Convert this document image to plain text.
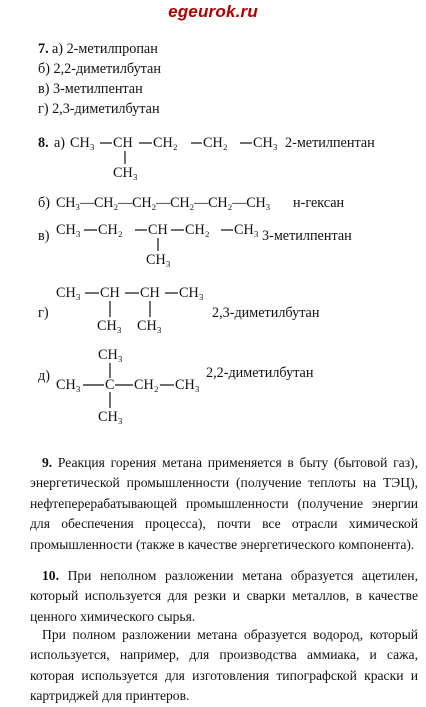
egeurok.ru
7. а) 2-метилпропан
б) 2,2-диметилбутан
в) 3-метилпентан
г) 2,3-диметилбутан
8. а) CH₃ CH CH₂ CH₂ CH₃
CH₃
2-метилпентан
б) CH₃—CH₂—CH₂—CH₂—CH₂—CH₃ н-гексан
в) CH₃ CH₂ CH CH₂ CH₃
CH₃
3-метилпентан
г)
CH₃ CH CH CH₃
CH₃ CH₃
2,3-диметилбутан
д)
CH₃
CH₃ C CH₂ CH₃
CH₃
2,2-диметилбутан
9. Реакция горения метана применяется в быту (бытовой газ), энергетической промышленности (получение теплоты на ТЭЦ), нефтеперерабатывающей промышленности (получение энергии для обеспечения процесса), почти все отрасли химической промышленности (также в качестве энергетического компонента).
10. При неполном разложении метана образуется ацетилен, который используется для резки и сварки металлов, в качестве ценного химического сырья.
При полном разложении метана образуется водород, который используется, например, для производства аммиака, и сажа, которая используется для изготовления типографской краски и картриджей для принтеров.
